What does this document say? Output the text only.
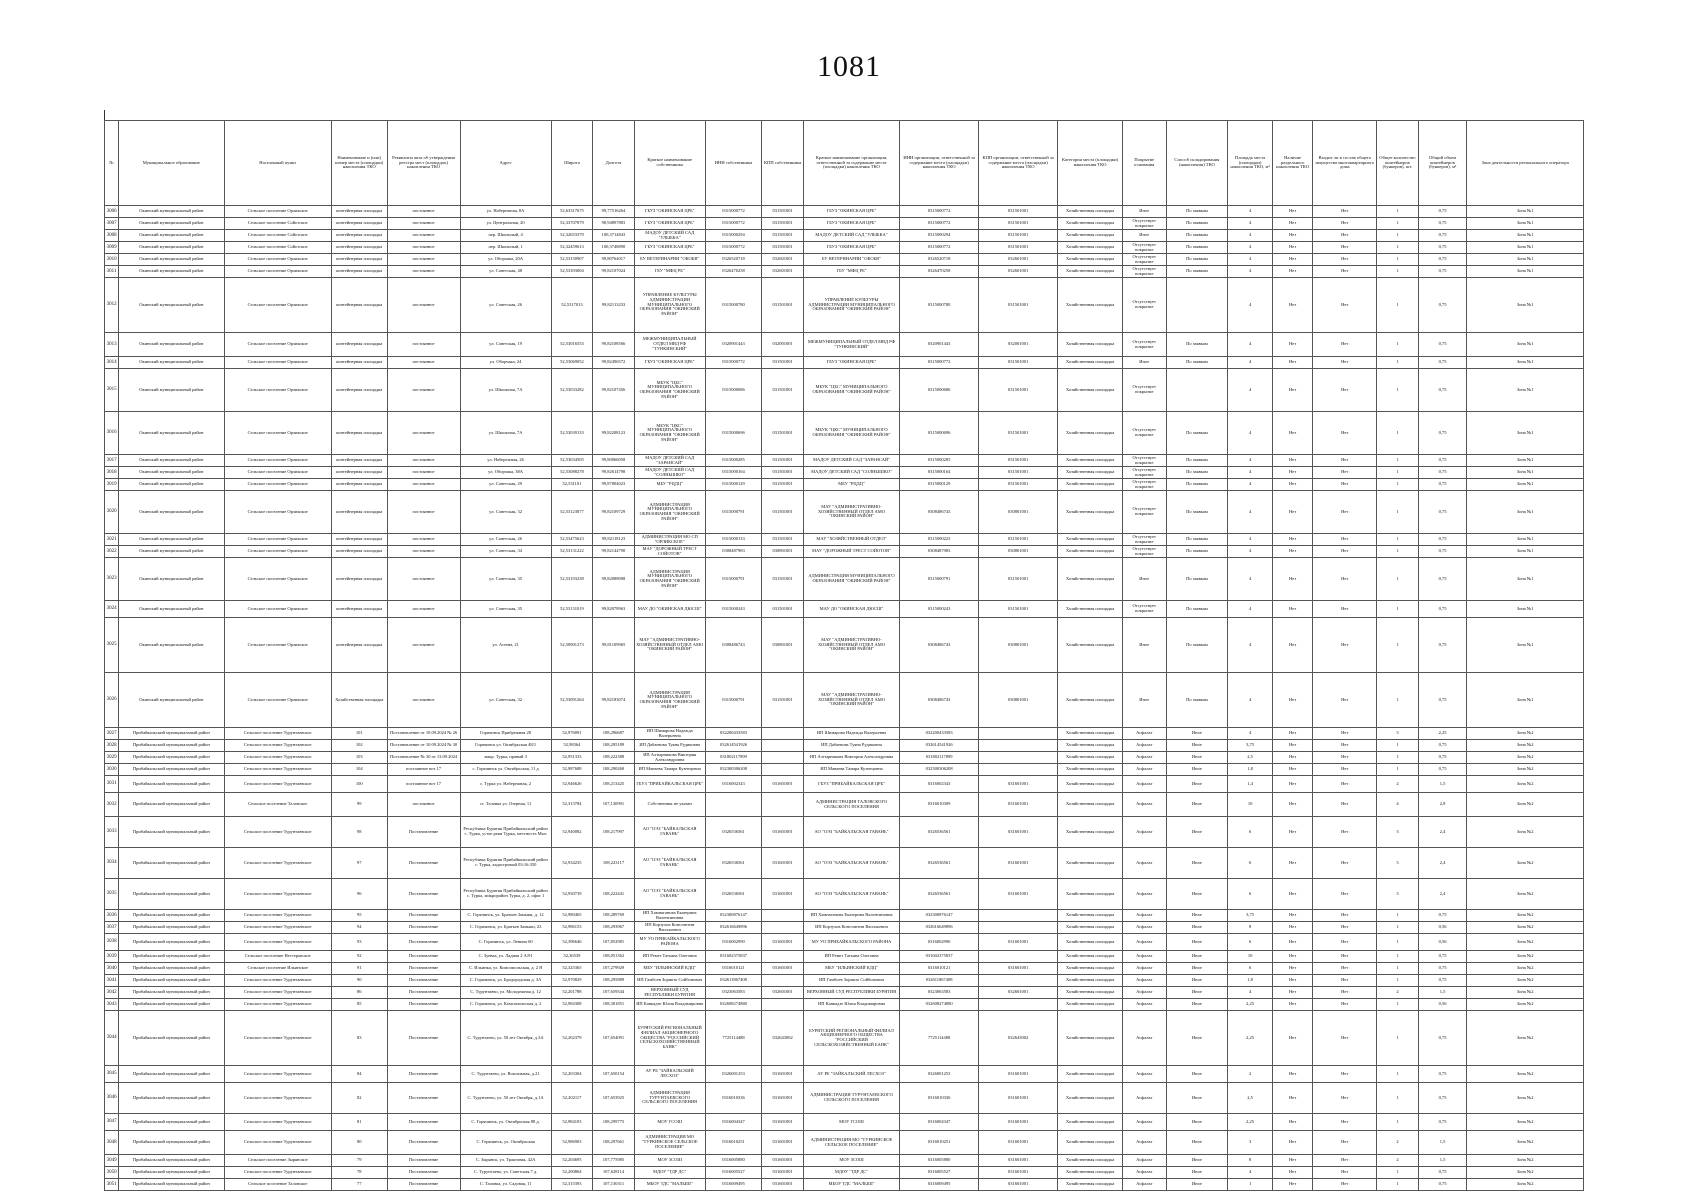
1081
№	Муниципальное образование	Населенный пункт	Наименование и (или) номер места (площадки) накопления ТКО	Реквизиты акта об утверждении реестра мест (площадок) накопления ТКО	Адрес	Широта	Долгота	Краткое наименование собственника	ИНН собственника	КПП собственника	Краткое наименование организации, ответственной за содержание места (площадки) накопления ТКО	ИНН организации, ответственной за содержание места (площадки) накопления ТКО	КПП организации, ответственной за содержание места (площадки) накопления ТКО	Категория места (площадки) накопления ТКО	Покрытие основания	Способ складирования (накопления) ТКО	Площадь места (площадки) накопления ТКО, м²	Наличие раздельного накопления ТКО	Входит ли в состав общего имущества многоквартирного дома	Общее количество контейнеров (бункеров), шт.	Общий объем контейнеров (бункеров), м³	Зона деятельности регионального оператора
3006	Окинский муниципальный район	Сельское поселение Орликское	контейнерная площадка	постоянное	ул. Набережная, 8А	52,63317675	99,77516264	ГБУЗ "ОКИНСКАЯ ЦРБ"	0315000772	031501001	ГБУЗ "ОКИНСКАЯ ЦРБ"	0315000772	031501001	Хозяйственная площадка	Иное	По заявкам	4	Нет	Нет	1	0,75	Зона №1
3007	Окинский муниципальный район	Сельское поселение Сойотское	контейнерная площадка	постоянное	ул. Центральная, 20	52,33707879	98,94897883	ГБУЗ "ОКИНСКАЯ ЦРБ"	0315000772	031501001	ГБУЗ "ОКИНСКАЯ ЦРБ"	0315000772	031501001	Хозяйственная площадка	Отсутствует покрытие	По заявкам	4	Нет	Нет	1	0,75	Зона №1
3008	Окинский муниципальный район	Сельское поселение Сойотское	контейнерная площадка	постоянное	пер. Школьный, 4	52,32653379	100,3714843	МАДОУ ДЕТСКИЙ САД "УЛЫБКА"	0315000294	031501001	МАДОУ ДЕТСКИЙ САД "УЛЫБКА"	0315000294	031501001	Хозяйственная площадка	Иное	По заявкам	4	Нет	Нет	1	0,75	Зона №1
3009	Окинский муниципальный район	Сельское поселение Сойотское	контейнерная площадка	постоянное	пер. Школьный, 1	52,32459613	100,3748890	ГБУЗ "ОКИНСКАЯ ЦРБ"	0315000772	031501001	ГБУЗ "ОКИНСКАЯ ЦРБ"	0315000772	031501001	Хозяйственная площадка	Отсутствует покрытие	По заявкам	4	Нет	Нет	1	0,75	Зона №1
3010	Окинский муниципальный район	Сельское поселение Орликское	контейнерная площадка	постоянное	ул. Оборчака, 20А	52,53150907	99,80764017	БУ ВЕТЕРИНАРИИ "ОКОБВ"	0326520718	032601001	БУ ВЕТЕРИНАРИИ "ОКОБВ"	0326520718	032601001	Хозяйственная площадка	Отсутствует покрытие	По заявкам	4	Нет	Нет	1	0,75	Зона №1
3011	Окинский муниципальный район	Сельское поселение Орликское	контейнерная площадка	постоянное	ул. Советская, 48	52,53393004	99,82107024	ГБУ "МФЦ РБ"	0326470258	032601001	ГБУ "МФЦ РБ"	0326470258	032601001	Хозяйственная площадка	Отсутствует покрытие	По заявкам	4	Нет	Нет	1	0,75	Зона №1
3012	Окинский муниципальный район	Сельское поселение Орликское	контейнерная площадка	постоянное	ул. Советская, 26	52,5317013	99,82113233	УПРАВЛЕНИЕ КУЛЬТУРЫ АДМИНИСТРАЦИИ МУНИЦИПАЛЬНОГО ОБРАЗОВАНИЯ "ОКИНСКИЙ РАЙОН"	0315000780	031501001	УПРАВЛЕНИЕ КУЛЬТУРЫ АДМИНИСТРАЦИИ МУНИЦИПАЛЬНОГО ОБРАЗОВАНИЯ "ОКИНСКИЙ РАЙОН"	0315000780	031501001	Хозяйственная площадка	Отсутствует покрытие		4	Нет	Нет	1	0,75	Зона №1
3013	Окинский муниципальный район	Сельское поселение Орликское	контейнерная площадка	постоянное	ул. Советская, 19	52,53016553	99,82108566	МЕЖМУНИЦИПАЛЬНЫЙ ОТДЕЛ МВД РФ "ТУНКИНСКИЙ"	0320901443	032001001	МЕЖМУНИЦИПАЛЬНЫЙ ОТДЕЛ МВД РФ "ТУНКИНСКИЙ"	0320901443	032001001	Хозяйственная площадка	Отсутствует покрытие	По заявкам	4	Нет	Нет	1	0,75	Зона №1
3014	Окинский муниципальный район	Сельское поселение Орликское	контейнерная площадка	постоянное	ул. Оборчака, 24	52,53069052	99,82496572	ГБУЗ "ОКИНСКАЯ ЦРБ"	0315000772	031501001	ГБУЗ "ОКИНСКАЯ ЦРБ"	0315000772	031501001	Хозяйственная площадка	Иное	По заявкам	4	Нет	Нет	1	0,75	Зона №1
3015	Окинский муниципальный район	Сельское поселение Орликское	контейнерная площадка	постоянное	ул. Школьная, 7А	52,53033282	99,82107456	МБУК "ЦБС" МУНИЦИПАЛЬНОГО ОБРАЗОВАНИЯ "ОКИНСКИЙ РАЙОН"	0315000686	031501001	МБУК "ЦБС" МУНИЦИПАЛЬНОГО ОБРАЗОВАНИЯ "ОКИНСКИЙ РАЙОН"	0315000686	031501001	Хозяйственная площадка	Отсутствует покрытие		4	Нет	Нет	1	0,75	Зона №1
3016	Окинский муниципальный район	Сельское поселение Орликское	контейнерная площадка	постоянное	ул. Школьная, 7А	52,53039133	99,82208123	МБУК "ЦКС" МУНИЦИПАЛЬНОГО ОБРАЗОВАНИЯ "ОКИНСКИЙ РАЙОН"	0315000696	031501001	МБУК "ЦКС" МУНИЦИПАЛЬНОГО ОБРАЗОВАНИЯ "ОКИНСКИЙ РАЙОН"	0315000696	031501001	Хозяйственная площадка	Отсутствует покрытие	По заявкам	4	Нет	Нет	1	0,75	Зона №1
3017	Окинский муниципальный район	Сельское поселение Орликское	контейнерная площадка	постоянное	ул. Набережная, 26	52,53034505	99,80066058	МАДОУ ДЕТСКИЙ САД "ЗАРАНСАЙ"	0315000285	031501001	МАДОУ ДЕТСКИЙ САД "ЗАРАНСАЙ"	0315000285	031501001	Хозяйственная площадка	Отсутствует покрытие	По заявкам	4	Нет	Нет	1	0,75	Зона №1
3018	Окинский муниципальный район	Сельское поселение Орликское	контейнерная площадка	постоянное	ул. Оборчака, 38А	52,53088278	99,82614798	МАДОУ ДЕТСКИЙ САД "СОЛНЫШКО"	0315000164	031501001	МАДОУ ДЕТСКИЙ САД "СОЛНЫШКО"	0315000164	031501001	Хозяйственная площадка	Отсутствует покрытие	По заявкам	4	Нет	Нет	1	0,75	Зона №1
3019	Окинский муниципальный район	Сельское поселение Орликское	контейнерная площадка	постоянное	ул. Советская, 29	52,531101	99,87804023	МБУ "РЦДЦ"	0315000129	031501001	МБУ "РЦДЦ"	0315000129	031501001	Хозяйственная площадка	Отсутствует покрытие	По заявкам	4	Нет	Нет	1	0,75	Зона №1
3020	Окинский муниципальный район	Сельское поселение Орликское	контейнерная площадка	постоянное	ул. Советская, 32	52,53123877	99,82109729	АДМИНИСТРАЦИЯ МУНИЦИПАЛЬНОГО ОБРАЗОВАНИЯ "ОКИНСКИЙ РАЙОН"	0315000791	031501001	МАУ "АДМИНИСТРАТИВНО-ХОЗЯЙСТВЕННЫЙ ОТДЕЛ АМО "ОКИНСКИЙ РАЙОН"	0308486743	030801001	Хозяйственная площадка	Отсутствует покрытие	По заявкам	4	Нет	Нет	1	0,75	Зона №1
3021	Окинский муниципальный район	Сельское поселение Орликское	контейнерная площадка	постоянное	ул. Советская, 26	52,53475623	99,82118123	АДМИНИСТРАЦИЯ МО СП "ОРЛИКСКОЕ"	0315000133	031501001	МАУ "ХОЗЯЙСТВЕННЫЙ ОТДЕЛ"	0315000223	031501001	Хозяйственная площадка	Отсутствует покрытие	По заявкам	4	Нет	Нет	1	0,75	Зона №1
3022	Окинский муниципальный район	Сельское поселение Орликское	контейнерная площадка	постоянное	ул. Советская, 34	52,53131222	99,82144790	МАУ "ДОРОЖНЫЙ ТРЕСТ СОЙОТОВ"	0308487983	030801001	МАУ "ДОРОЖНЫЙ ТРЕСТ СОЙОТОВ"	0308487983	030801001	Хозяйственная площадка	Отсутствует покрытие	По заявкам	4	Нет	Нет	1	0,75	Зона №1
3023	Окинский муниципальный район	Сельское поселение Орликское	контейнерная площадка	постоянное	ул. Советская, 35	52,53193238	99,82088008	АДМИНИСТРАЦИЯ МУНИЦИПАЛЬНОГО ОБРАЗОВАНИЯ "ОКИНСКИЙ РАЙОН"	0315000791	031501001	АДМИНИСТРАЦИЯ МУНИЦИПАЛЬНОГО ОБРАЗОВАНИЯ "ОКИНСКИЙ РАЙОН"	0315000791	031501001	Хозяйственная площадка	Иное	По заявкам	4	Нет	Нет	1	0,75	Зона №1
3024	Окинский муниципальный район	Сельское поселение Орликское	контейнерная площадка	постоянное	ул. Советская, 35	52,53131019	99,82078963	МАУ ДО "ОКИНСКАЯ ДЮСШ"	0315000243	031501001	МАУ ДО "ОКИНСКАЯ ДЮСШ"	0315000243	031501001	Хозяйственная площадка	Отсутствует покрытие	По заявкам	4	Нет	Нет	1	0,75	Зона №1
3025	Окинский муниципальный район	Сельское поселение Орликское	контейнерная площадка	постоянное	ул. Асеева, 21	52,50901273	99,81109965	МАУ "АДМИНИСТРАТИВНО-ХОЗЯЙСТВЕННЫЙ ОТДЕЛ АМО "ОКИНСКИЙ РАЙОН"	0308486743	030801001	МАУ "АДМИНИСТРАТИВНО-ХОЗЯЙСТВЕННЫЙ ОТДЕЛ АМО "ОКИНСКИЙ РАЙОН"	0308486743	030801001	Хозяйственная площадка	Иное	По заявкам	4	Нет	Нет	1	0,75	Зона №1
3026	Окинский муниципальный район	Сельское поселение Орликское	Хозяйственная площадка	постоянное	ул. Советская, 32	52,53091264	99,82183074	АДМИНИСТРАЦИЯ МУНИЦИПАЛЬНОГО ОБРАЗОВАНИЯ "ОКИНСКИЙ РАЙОН"	0315000791	031501001	МАУ "АДМИНИСТРАТИВНО-ХОЗЯЙСТВЕННЫЙ ОТДЕЛ АМО "ОКИНСКИЙ РАЙОН"	0308486743	030801001	Хозяйственная площадка	Иное	По заявкам	4	Нет	Нет	1	0,75	Зона №1
3027	Прибайкальский муниципальный район	Сельское поселение Турунтаевское	101	Постановление от 10.09.2024 № 26	Горячинск Прибрежная 28	52,976091	108,296687	ИП Шимарова Надежда Валерьевна	032200433583		ИП Шимарова Надежда Валерьевна	032200433583		Хозяйственная площадка	Асфальт	Иное	4	Нет	Нет	3	2,25	Зона №2
3028	Прибайкальский муниципальный район	Сельское поселение Турунтаевское	102	Постановление от 10.09.2024 № 30	Горячинск ул. Октябрьская 48/1	52,98364	108,295189	ИП Дабаевова Туяна Рудиковна	032614541926		ИП Дабаевова Туяна Рудиковна	032614541926		Хозяйственная площадка	Асфальт	Иное	3,75	Нет	Нет	1	0,75	Зона №2
3029	Прибайкальский муниципальный район	Сельское поселение Турунтаевское	103	Постановление № 30 от 13.09.2024	макр. Турка, правый 3	52,951333	108,222388	ИП Алтырникова Виктория Александровна	031802117899		ИП Алтырникова Виктория Александровна	031802117899		Хозяйственная площадка	Асфальт	Иное	2,5	Нет	Нет	1	0,75	Зона №2
3030	Прибайкальский муниципальный район	Сельское поселение Турунтаевское	104	постоянное вот 17	с. Горячинск ул. Октябрьская, 11 д	52,987688	108,290260	ИП Манаева Тамара Кузнецовна	032300306208		ИП Манаева Тамара Кузнецовна	032300306208		Хозяйственная площадка	Асфальт	Иное	1,8	Нет	Нет	1	0,75	Зона №2
3031	Прибайкальский муниципальный район	Сельское поселение Турунтаевское	100	постоянное вот 17	с. Турка ул. Набережная, 2	52,946626	108,213425	ГБУЗ "ПРИБАЙКАЛЬСКАЯ ЦРБ"	0316002343	031601001	ГБУЗ "ПРИБАЙКАЛЬСКАЯ ЦРБ"	0316002343	031601001	Хозяйственная площадка	Асфальт	Иное	1,4	Нет	Нет	2	1,5	Зона №2
3032	Прибайкальский муниципальный район	Сельское поселение Таловское	99	постоянное	ст. Таловка ул. Озерная, 11	52,313784	107,130991	Собственник не указан			АДМИНИСТРАЦИЯ ТАЛОВСКОГО СЕЛЬСКОГО ПОСЕЛЕНИЯ	0316010309	031601001	Хозяйственная площадка	Асфальт	Иное	10	Нет	Нет	4	2,8	Зона №2
3033	Прибайкальский муниципальный район	Сельское поселение Турунтаевское	98	Постановление	Республика Бурятия Прибайкальский район с. Турка, устье реки Турка, местность Мыс	52,940082	108,217997	АО "ОЭЗ "БАЙКАЛЬСКАЯ ГАВАНЬ"	0326536561	031601001	АО "ОЭЗ "БАЙКАЛЬСКАЯ ГАВАНЬ"	0326536561	031601001	Хозяйственная площадка	Асфальт	Иное	6	Нет	Нет	3	2,4	Зона №2
3034	Прибайкальский муниципальный район	Сельское поселение Турунтаевское	97	Постановление	Республика Бурятия Прибайкальский район с. Турка, кадастровый 03:16:350	52,934235	108,223117	АО "ОЭЗ "БАЙКАЛЬСКАЯ ГАВАНЬ"	0326536561	031601001	АО "ОЭЗ "БАЙКАЛЬСКАЯ ГАВАНЬ"	0326536561	031601001	Хозяйственная площадка	Асфальт	Иное	6	Нет	Нет	3	2,4	Зона №2
3035	Прибайкальский муниципальный район	Сельское поселение Турунтаевское	96	Постановление	Республика Бурятия Прибайкальский район с. Турка, микрорайон Турка, д. 2, офис 1	52,930739	108,222441	АО "ОЭЗ "БАЙКАЛЬСКАЯ ГАВАНЬ"	0326536561	031601001	АО "ОЭЗ "БАЙКАЛЬСКАЯ ГАВАНЬ"	0326536561	031601001	Хозяйственная площадка	Асфальт	Иное	6	Нет	Нет	3	2,4	Зона №2
3036	Прибайкальский муниципальный район	Сельское поселение Турунтаевское	95	Постановление	С. Горячинск, ул. Братьев Замыки, д. 12	52,980465	108,289769	ИП Хамнаганова Екатерина Валентиновна	032300876147		ИП Хамнаганова Екатерина Валентиновна	032300876147		Хозяйственная площадка	Асфальт	Иное	3,75	Нет	Нет	1	0,75	Зона №2
3037	Прибайкальский муниципальный район	Сельское поселение Турунтаевское	94	Постановление	С. Горячинск, ул. Братьев Замыки, 23	52,986153	108,293967	ИП Корзухов Константин Васильевич	032616649896		ИП Корзухов Константин Васильевич	032616649896		Хозяйственная площадка	Асфальт	Иное	8	Нет	Нет	1	0,56	Зона №2
3038	Прибайкальский муниципальный район	Сельское поселение Турунтаевское	93	Постановление	С. Горячинск, ул. Ленина 60	52,396646	107,852981	МУ УО ПРИБАЙКАЛЬСКОГО РАЙОНА	0316002990	031601001	МУ УО ПРИБАЙКАЛЬСКОГО РАЙОНА	0316002990	031601001	Хозяйственная площадка	Асфальт	Иное	6	Нет	Нет	1	0,56	Зона №2
3039	Прибайкальский муниципальный район	Сельское поселение Нестеровское	92	Постановление	С. Зуевка, ул. Ладная 2 А/91	52,36539	108,051362	ИП Ремез Татьяна Олеговна	031602375837		ИП Ремез Татьяна Олеговна	031602375837		Хозяйственная площадка	Асфальт	Иное	10	Нет	Нет	1	0,75	Зона №2
3040	Прибайкальский муниципальный район	Сельское поселение Ильинское	91	Постановление	С. Ильинка, ул. Комсомольская, д. 2 Я	52,325365	107,279929	МБУ "ИЛЬИНСКИЙ КДЦ"	0316010121	031601001	МБУ "ИЛЬИНСКИЙ КДЦ"	0316010121	031601001	Хозяйственная площадка	Асфальт	Иное	6	Нет	Нет	1	0,75	Зона №2
3041	Прибайкальский муниципальный район	Сельское поселение Турунтаевское	90	Постановление	С. Горячинск, ул. Бродородская д. 3А	52,970829	108,295889	ИП Гамбоев Зорикто Сойбонович	032611867408		ИП Гамбоев Зорикто Сойбонович	032611867408		Хозяйственная площадка	Асфальт	Иное	1,8	Нет	Нет	1	0,75	Зона №2
3042	Прибайкальский муниципальный район	Сельское поселение Турунтаевское	86	Постановление	С. Турунтаево, ул. Молодежная д. 12	52,201788	107,659544	ВЕРХОВНЫЙ СУД РЕСПУБЛИКИ БУРЯТИЯ	0323063583	032601001	ВЕРХОВНЫЙ СУД РЕСПУБЛИКИ БУРЯТИЯ	0323063583	032601001	Хозяйственная площадка	Асфальт	Иное	4	Нет	Нет	2	1,5	Зона №2
3043	Прибайкальский муниципальный район	Сельское поселение Турунтаевское	85	Постановление	С. Горячинск, ул. Комсомольская д. 2	52,984308	108,301851	ИП Канкадзе Юлия Владимировна	032608274880		ИП Канкадзе Юлия Владимировна	032608274880		Хозяйственная площадка	Асфальт	Иное	2,25	Нет	Нет	1	0,56	Зона №2
3044	Прибайкальский муниципальный район	Сельское поселение Турунтаевское	83	Постановление	С. Турунтаево, ул. 50 лет Октября, д.3А	52,202379	107,654091	БУРЯТСКИЙ РЕГИОНАЛЬНЫЙ ФИЛИАЛ АКЦИОНЕРНОГО ОБЩЕСТВА "РОССИЙСКИЙ СЕЛЬСКОХОЗЯЙСТВЕННЫЙ БАНК"	7725114488	032643002	БУРЯТСКИЙ РЕГИОНАЛЬНЫЙ ФИЛИАЛ АКЦИОНЕРНОГО ОБЩЕСТВА "РОССИЙСКИЙ СЕЛЬСКОХОЗЯЙСТВЕННЫЙ БАНК"	7725114488	032643002	Хозяйственная площадка	Асфальт	Иное	2,25	Нет	Нет	1	0,75	Зона №2
3045	Прибайкальский муниципальный район	Сельское поселение Турунтаевское	84	Постановление	С. Турунтаево, ул. Вокзальная, д.21	52,203304	107,650154	АУ РБ "ЗАЙКАЛЬСКИЙ ЛЕСХОЗ"	0326001253	031601001	АУ РБ "ЗАЙКАЛЬСКИЙ ЛЕСХОЗ"	0326001253	031601001	Хозяйственная площадка	Асфальт	Иное	2	Нет	Нет	1	0,75	Зона №2
3046	Прибайкальский муниципальный район	Сельское поселение Турунтаевское	82	Постановление	С. Турунтаево, ул. 50 лет Октября, д.1А	52,202117	107,653925	АДМИНИСТРАЦИЯ ТУРУНТАЕВСКОГО СЕЛЬСКОГО ПОСЕЛЕНИЯ	0316010336	031601001	АДМИНИСТРАЦИЯ ТУРУНТАЕВСКОГО СЕЛЬСКОГО ПОСЕЛЕНИЯ	0316010336	031601001	Хозяйственная площадка	Асфальт	Иное	2,5	Нет	Нет	1	0,75	Зона №2
3047	Прибайкальский муниципальный район	Сельское поселение Турунтаевское	81	Постановление	С. Горячинск, ул. Октябрьская 88 д.	52,984103	108,299775	МОУ ГСОШ	0316004347	031601001	МОУ ГСОШ	0316004347	031601001	Хозяйственная площадка	Асфальт	Иное	2,25	Нет	Нет	1	0,75	Зона №2
3048	Прибайкальский муниципальный район	Сельское поселение Турунтаевское	80	Постановление	С. Горячинск, ул. Октябрьская	52,986903	108,297661	АДМИНИСТРАЦИЯ МО "ТУРКИНСКОЕ СЕЛЬСКОЕ ПОСЕЛЕНИЕ"	0316010251	031601001	АДМИНИСТРАЦИЯ МО "ТУРКИНСКОЕ СЕЛЬСКОЕ ПОСЕЛЕНИЕ"	0316010251	031601001	Хозяйственная площадка	Асфальт	Иное	3	Нет	Нет	2	1,5	Зона №2
3049	Прибайкальский муниципальный район	Сельское поселение Зырянское	79	Постановление	С. Зырянск, ул. Трактовая, 42А	52,204695	107,775985	МОУ ЗСОШ	0316005880	031601001	МОУ ЗСОШ	0316005880	031601001	Хозяйственная площадка	Асфальт	Иное	8	Нет	Нет	2	1,5	Зона №2
3050	Прибайкальский муниципальный район	Сельское поселение Турунтаевское	78	Постановление	С. Турунтаево, ул. Советская 7 д.	52,200864	107,628114	МДОУ "ТДР ДС"	0316005527	031601001	МДОУ "ТДР ДС"	0316005527	031601001	Хозяйственная площадка	Асфальт	Иное	4	Нет	Нет	1	0,75	Зона №2
3051	Прибайкальский муниципальный район	Сельское поселение Таловское	77	Постановление	С. Таловка, ул. Садовая, 11	52,315393	107,130311	МБОУ ТДС "МАЛЫШ"	0316009495	031601001	МБОУ ТДС "МАЛЫШ"	0316009495	031601001	Хозяйственная площадка	Асфальт	Иное	1	Нет	Нет	1	0,75	Зона №2
